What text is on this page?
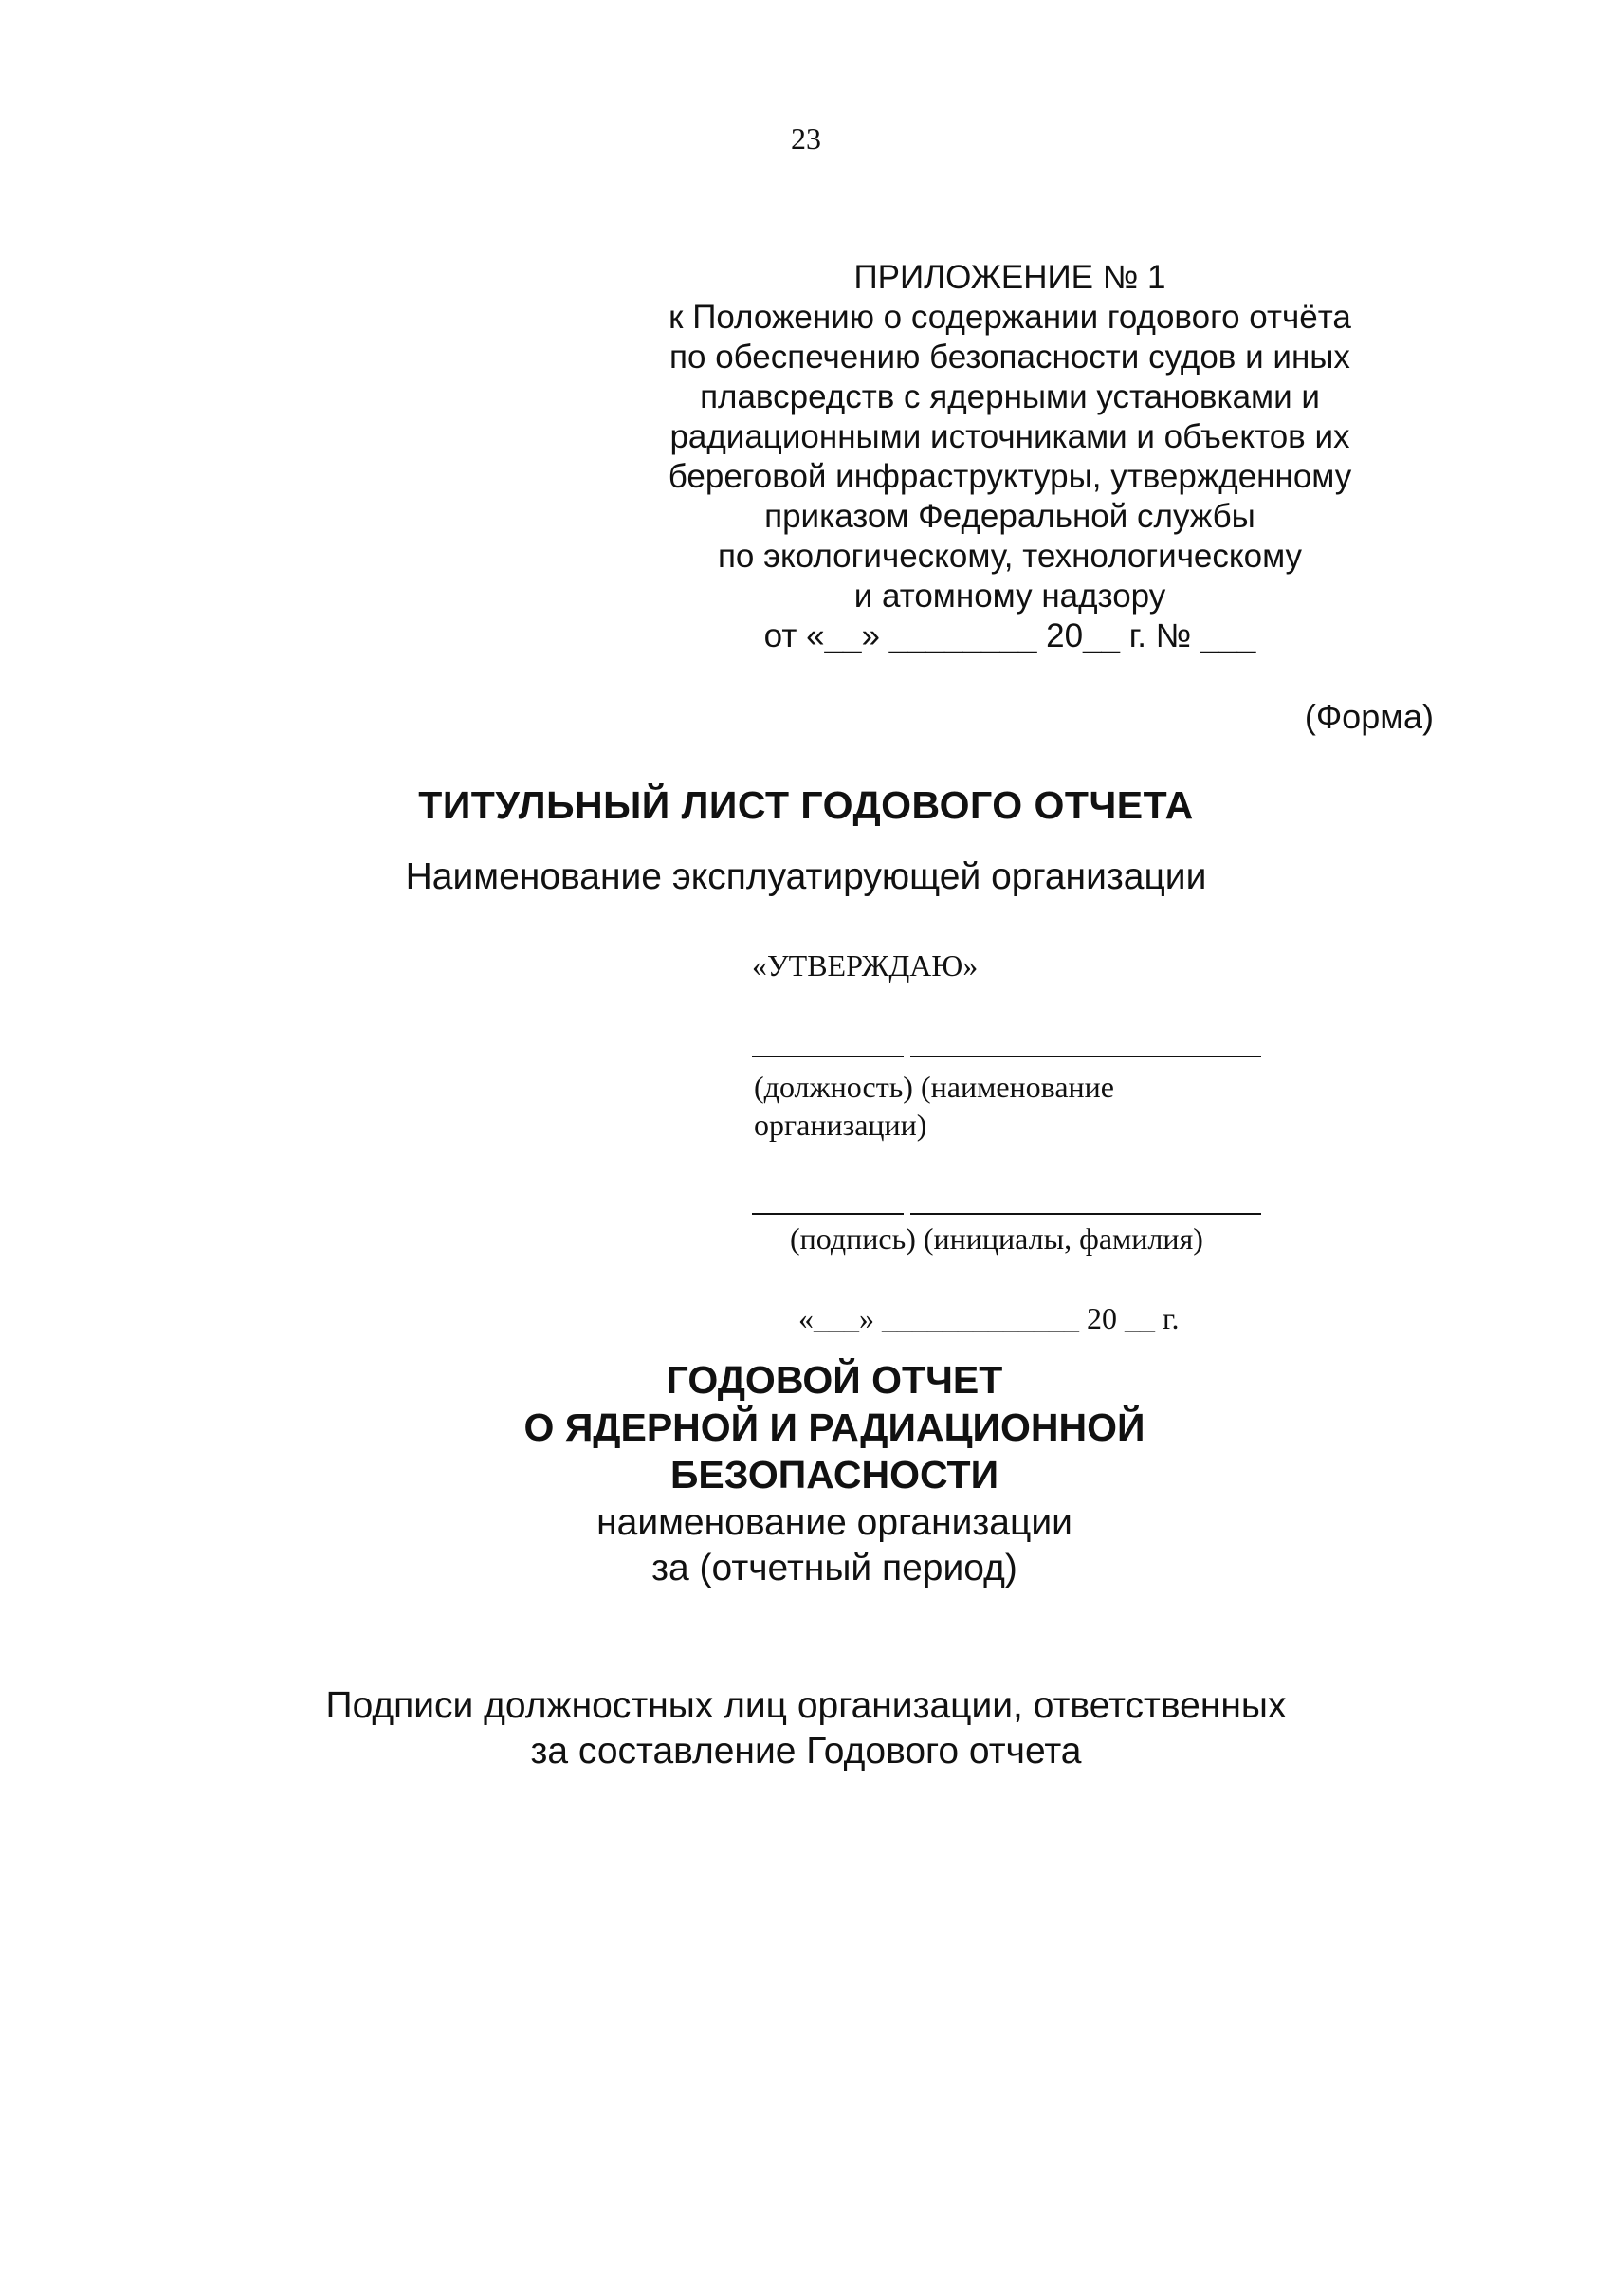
23
ПРИЛОЖЕНИЕ № 1
к Положению о содержании годового отчёта
по обеспечению безопасности судов и иных
плавсредств с ядерными установками и
радиационными источниками и объектов их
береговой инфраструктуры, утвержденному
приказом Федеральной службы
по экологическому, технологическому
и атомному надзору
от «__» ________ 20__ г. № ___
(Форма)
ТИТУЛЬНЫЙ ЛИСТ ГОДОВОГО ОТЧЕТА
Наименование эксплуатирующей организации
«УТВЕРЖДАЮ»
(должность) (наименование
организации)
(подпись) (инициалы, фамилия)
«___» _____________ 20 __ г.
ГОДОВОЙ ОТЧЕТ
О ЯДЕРНОЙ И РАДИАЦИОННОЙ
БЕЗОПАСНОСТИ
наименование организации
за (отчетный период)
Подписи должностных лиц организации, ответственных
за составление Годового отчета
